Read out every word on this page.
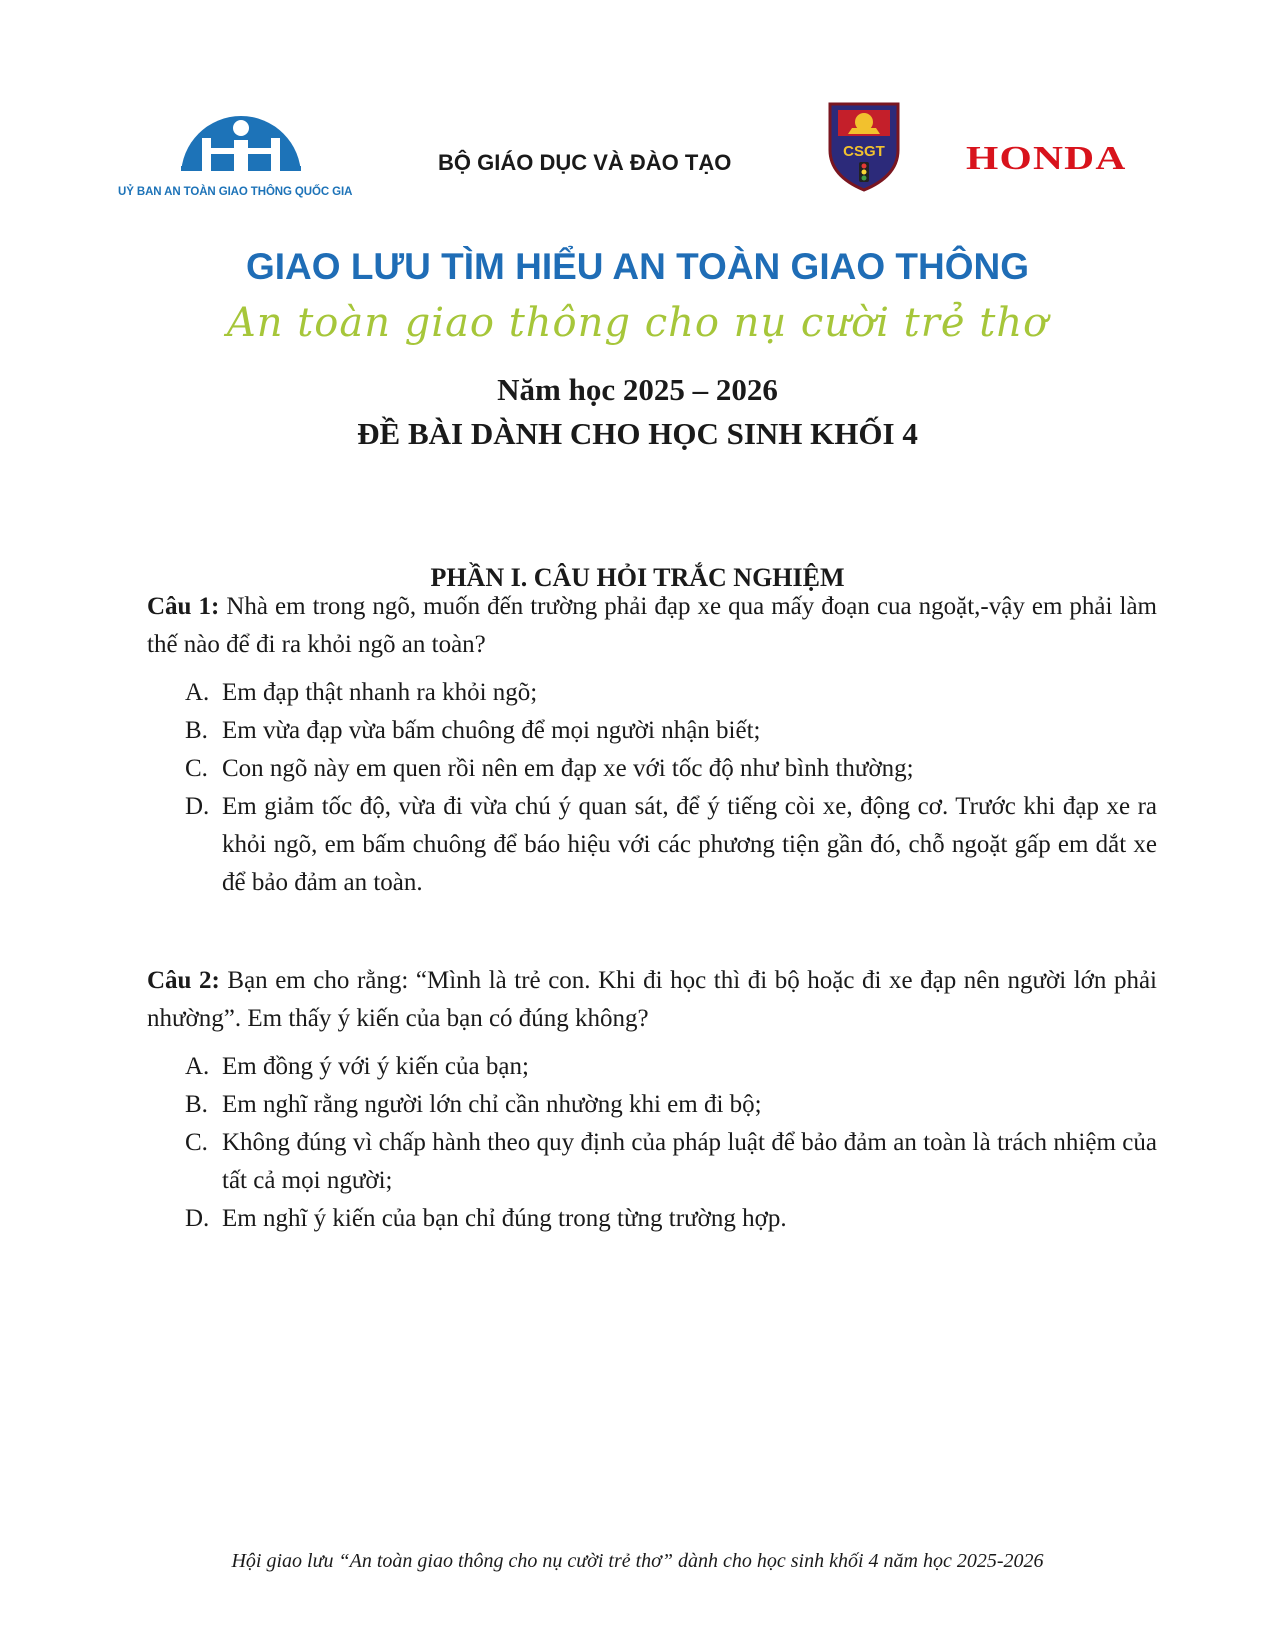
UỶ BAN AN TOÀN GIAO THÔNG QUỐC GIA
BỘ GIÁO DỤC VÀ ĐÀO TẠO	CSGT HONDA
GIAO LƯU TÌM HIỂU AN TOÀN GIAO THÔNG
An toàn giao thông cho nụ cười trẻ thơ
Năm học 2025 – 2026
ĐỀ BÀI DÀNH CHO HỌC SINH KHỐI 4
PHẦN I. CÂU HỎI TRẮC NGHIỆM
Câu 1: Nhà em trong ngõ, muốn đến trường phải đạp xe qua mấy đoạn cua ngoặt,-vậy em phải làm thế nào để đi ra khỏi ngõ an toàn?
A. Em đạp thật nhanh ra khỏi ngõ;
B. Em vừa đạp vừa bấm chuông để mọi người nhận biết;
C. Con ngõ này em quen rồi nên em đạp xe với tốc độ như bình thường;
D. Em giảm tốc độ, vừa đi vừa chú ý quan sát, để ý tiếng còi xe, động cơ. Trước khi đạp xe ra khỏi ngõ, em bấm chuông để báo hiệu với các phương tiện gần đó, chỗ ngoặt gấp em dắt xe để bảo đảm an toàn.
Câu 2: Bạn em cho rằng: “Mình là trẻ con. Khi đi học thì đi bộ hoặc đi xe đạp nên người lớn phải nhường”. Em thấy ý kiến của bạn có đúng không?
A. Em đồng ý với ý kiến của bạn;
B. Em nghĩ rằng người lớn chỉ cần nhường khi em đi bộ;
C. Không đúng vì chấp hành theo quy định của pháp luật để bảo đảm an toàn là trách nhiệm của tất cả mọi người;
D. Em nghĩ ý kiến của bạn chỉ đúng trong từng trường hợp.
Hội giao lưu “An toàn giao thông cho nụ cười trẻ thơ” dành cho học sinh khối 4 năm học 2025-2026
